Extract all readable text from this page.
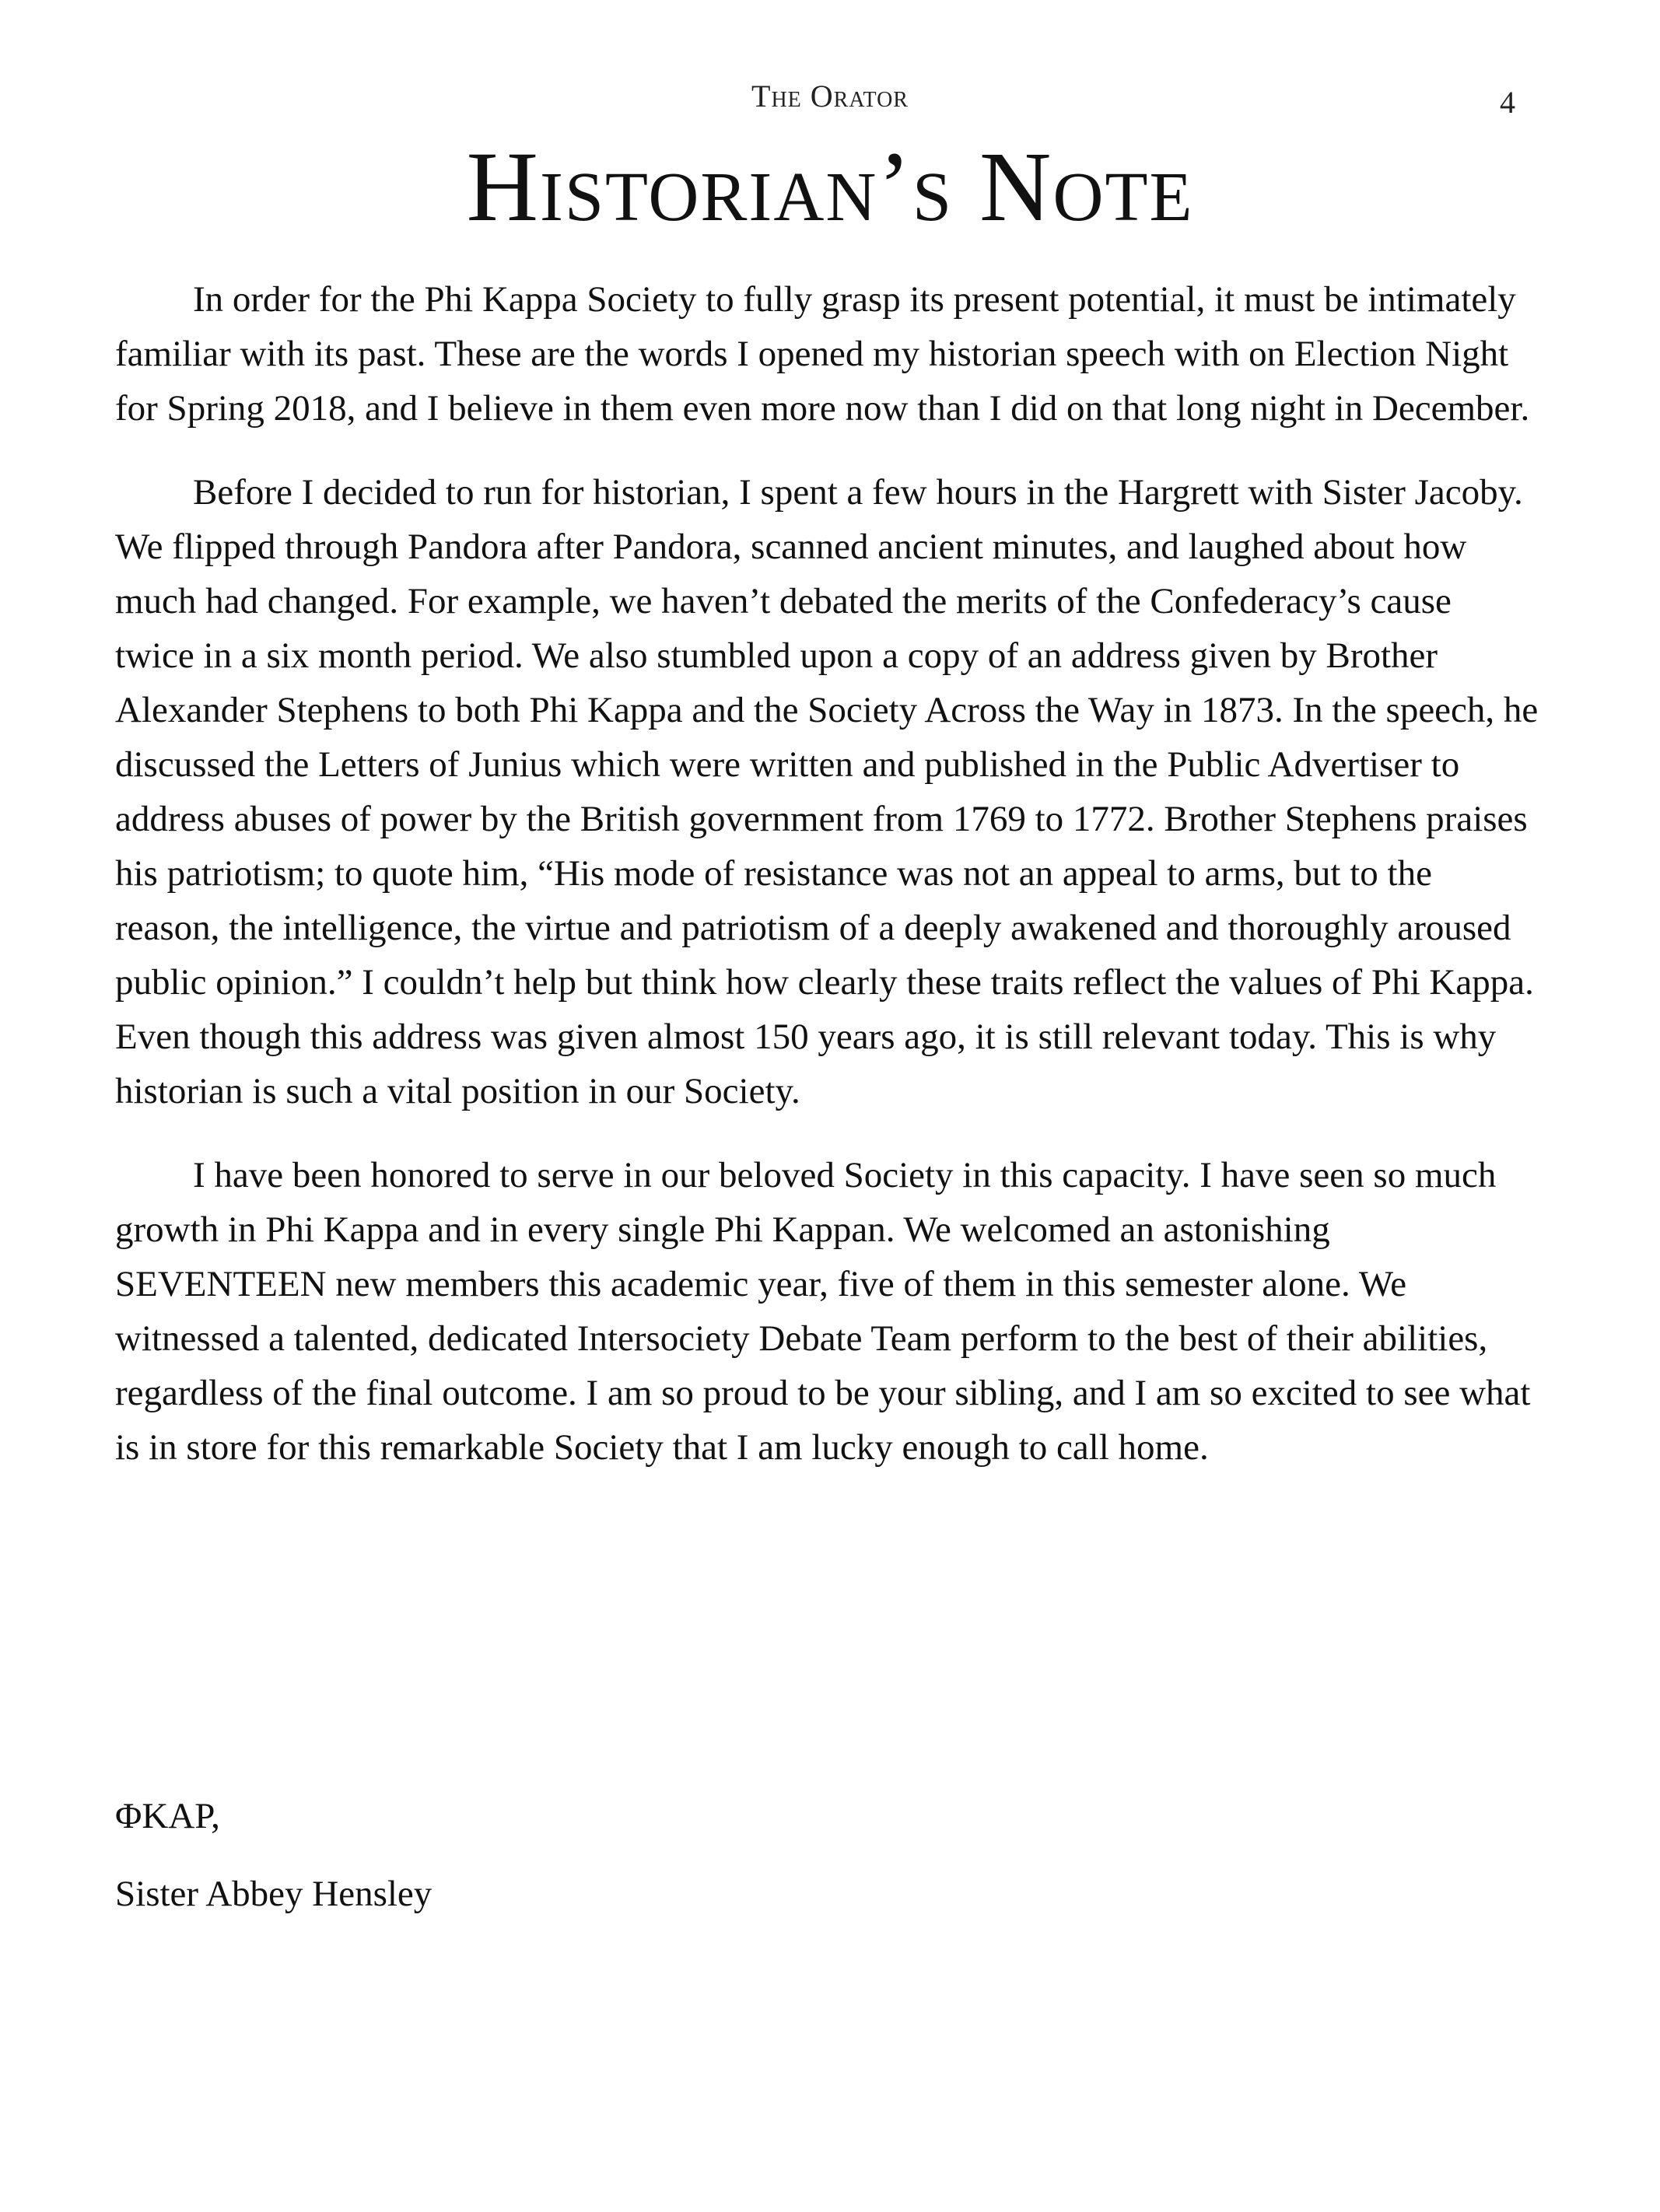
The Orator	4
Historian’s Note

In order for the Phi Kappa Society to fully grasp its present potential, it must be intimately familiar with its past. These are the words I opened my historian speech with on Election Night for Spring 2018, and I believe in them even more now than I did on that long night in December.

Before I decided to run for historian, I spent a few hours in the Hargrett with Sister Jacoby. We flipped through Pandora after Pandora, scanned ancient minutes, and laughed about how much had changed. For example, we haven’t debated the merits of the Confederacy’s cause twice in a six month period. We also stumbled upon a copy of an address given by Brother Alexander Stephens to both Phi Kappa and the Society Across the Way in 1873. In the speech, he discussed the Letters of Junius which were written and published in the Public Advertiser to address abuses of power by the British government from 1769 to 1772. Brother Stephens praises his patriotism; to quote him, “His mode of resistance was not an appeal to arms, but to the reason, the intelligence, the virtue and patriotism of a deeply awakened and thoroughly aroused public opinion.” I couldn’t help but think how clearly these traits reflect the values of Phi Kappa. Even though this address was given almost 150 years ago, it is still relevant today. This is why historian is such a vital position in our Society.

I have been honored to serve in our beloved Society in this capacity. I have seen so much growth in Phi Kappa and in every single Phi Kappan. We welcomed an astonishing SEVENTEEN new members this academic year, five of them in this semester alone. We witnessed a talented, dedicated Intersociety Debate Team perform to the best of their abilities, regardless of the final outcome. I am so proud to be your sibling, and I am so excited to see what is in store for this remarkable Society that I am lucky enough to call home.

ΦKAP,

Sister Abbey Hensley
